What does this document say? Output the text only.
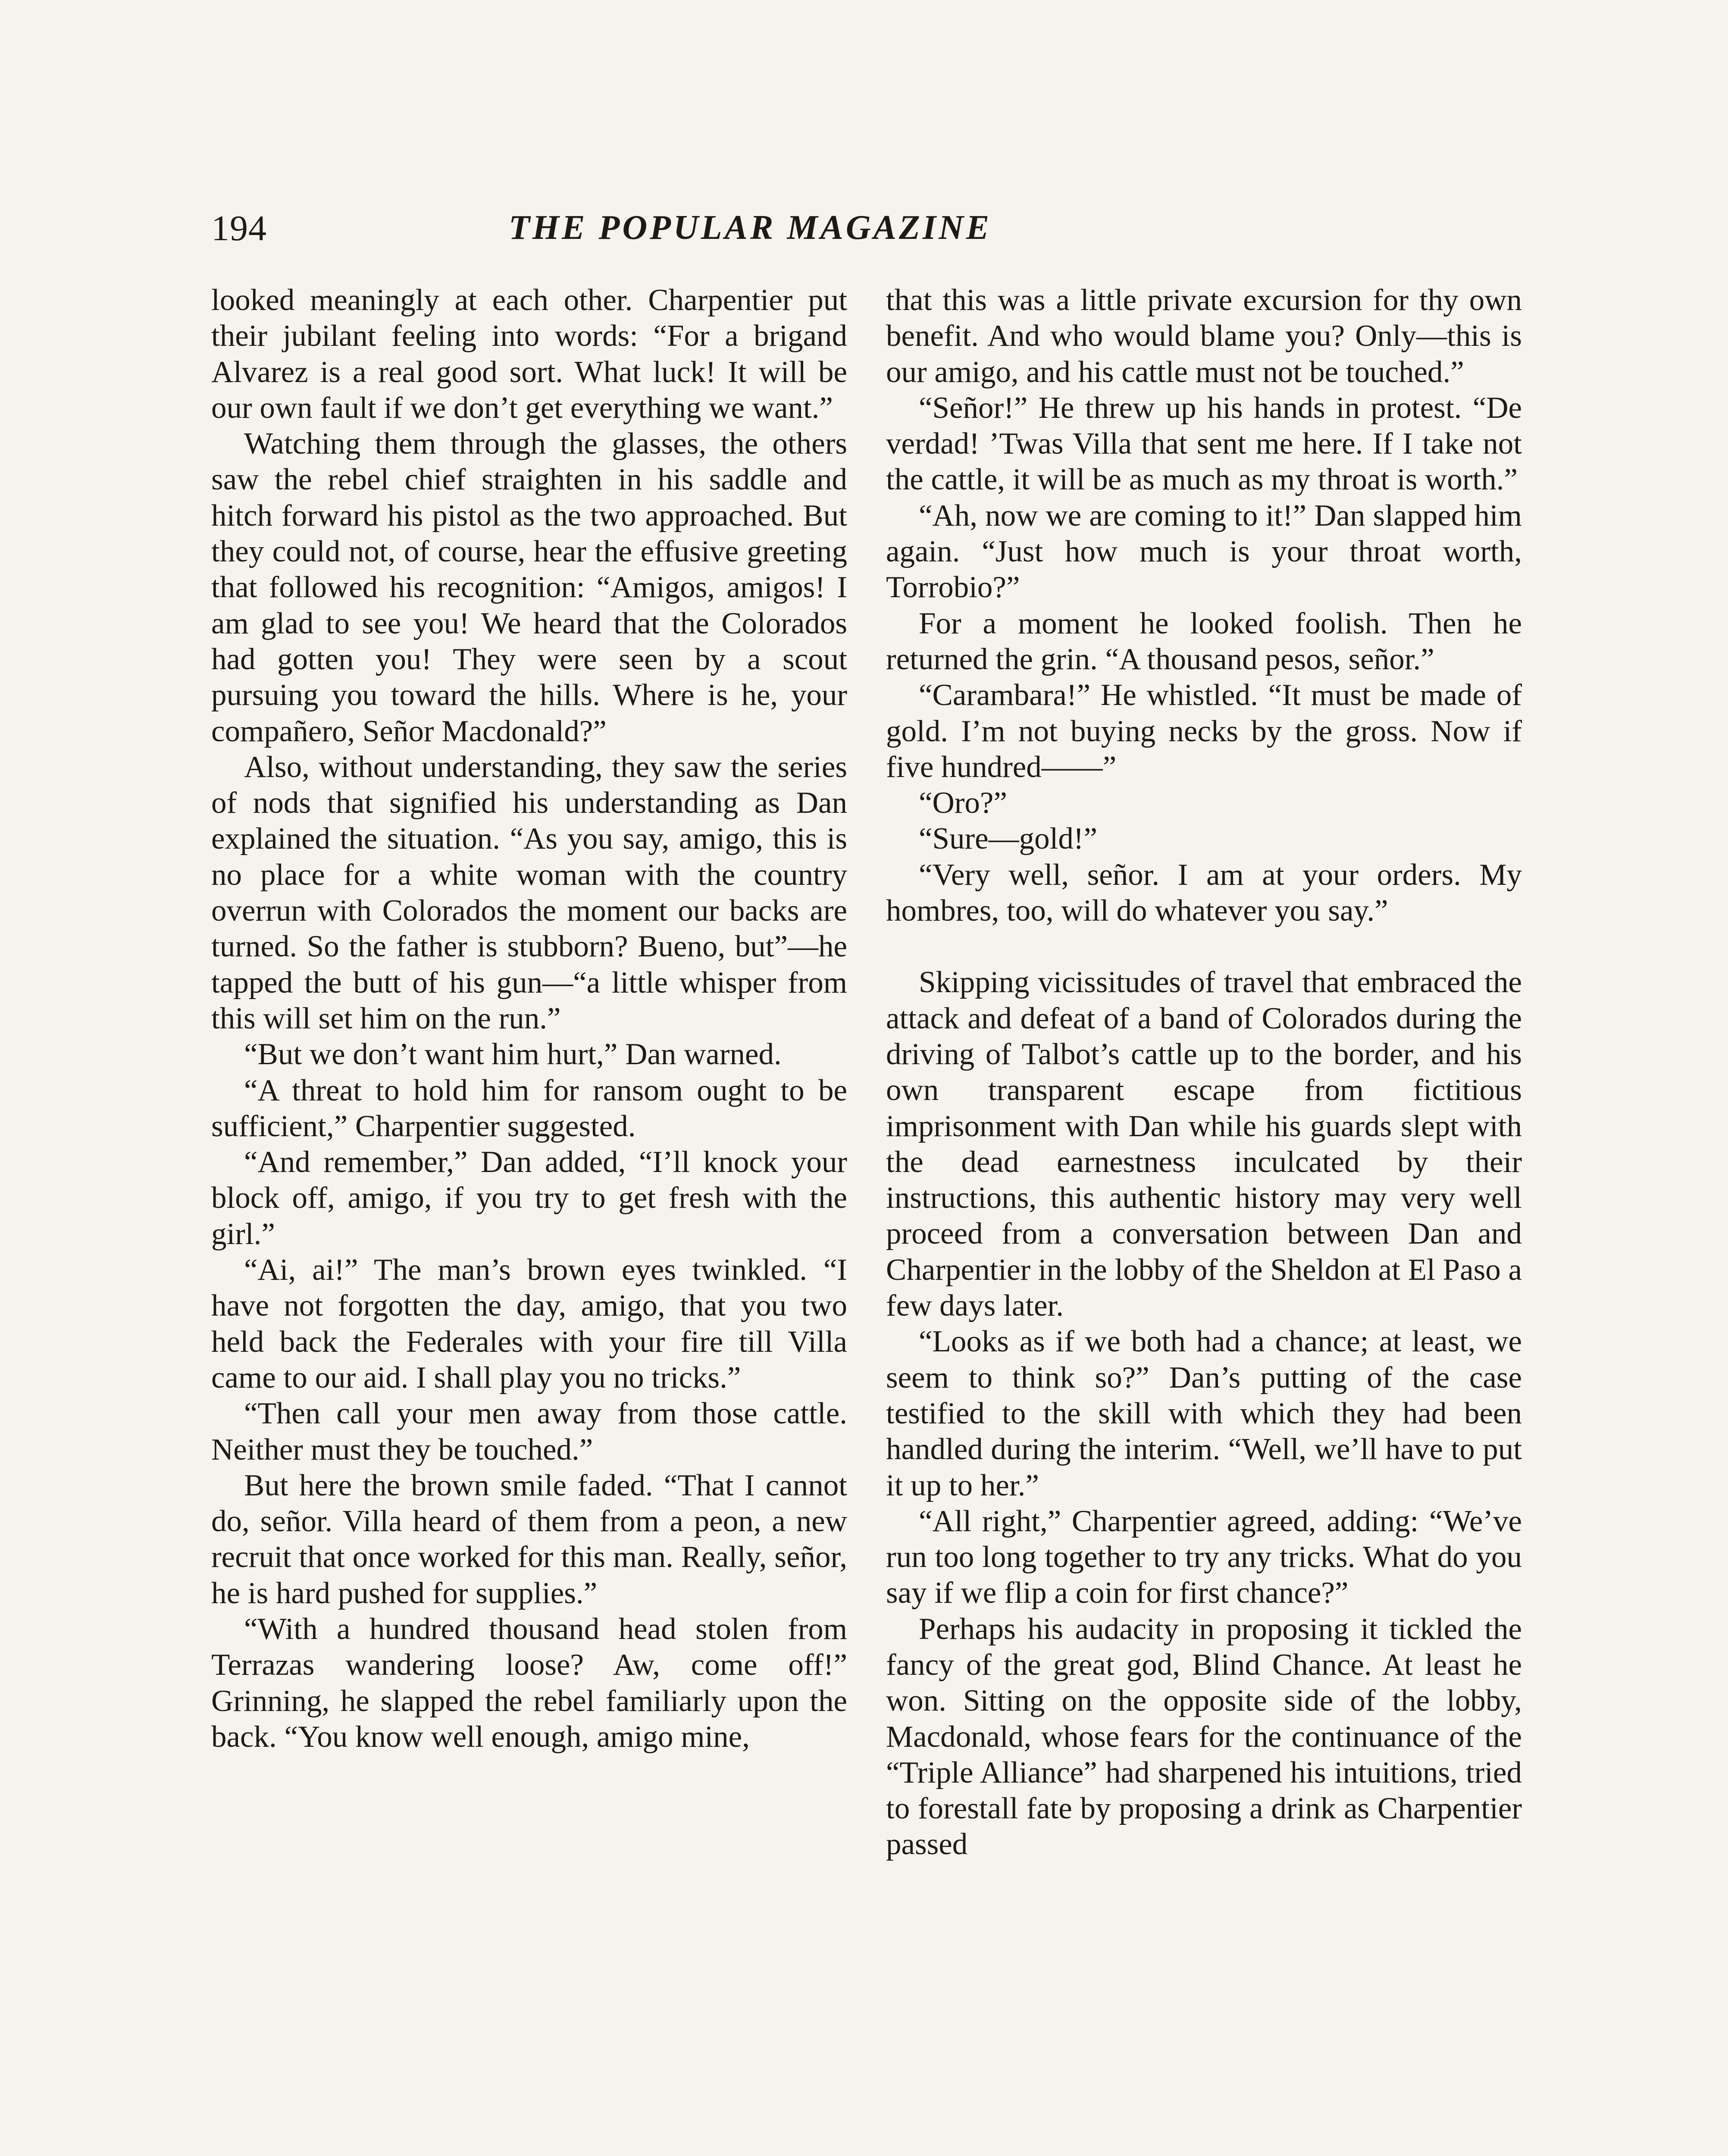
194	THE POPULAR MAGAZINE

looked meaningly at each other. Charpentier put their jubilant feeling into words: “For a brigand Alvarez is a real good sort. What luck! It will be our own fault if we don’t get everything we want.”

Watching them through the glasses, the others saw the rebel chief straighten in his saddle and hitch forward his pistol as the two approached. But they could not, of course, hear the effusive greeting that followed his recognition: “Amigos, amigos! I am glad to see you! We heard that the Colorados had gotten you! They were seen by a scout pursuing you toward the hills. Where is he, your compañero, Señor Macdonald?”

Also, without understanding, they saw the series of nods that signified his understanding as Dan explained the situation. “As you say, amigo, this is no place for a white woman with the country overrun with Colorados the moment our backs are turned. So the father is stubborn? Bueno, but”—he tapped the butt of his gun—“a little whisper from this will set him on the run.”

“But we don’t want him hurt,” Dan warned.

“A threat to hold him for ransom ought to be sufficient,” Charpentier suggested.

“And remember,” Dan added, “I’ll knock your block off, amigo, if you try to get fresh with the girl.”

“Ai, ai!” The man’s brown eyes twinkled. “I have not forgotten the day, amigo, that you two held back the Federales with your fire till Villa came to our aid. I shall play you no tricks.”

“Then call your men away from those cattle. Neither must they be touched.”

But here the brown smile faded. “That I cannot do, señor. Villa heard of them from a peon, a new recruit that once worked for this man. Really, señor, he is hard pushed for supplies.”

“With a hundred thousand head stolen from Terrazas wandering loose? Aw, come off!” Grinning, he slapped the rebel familiarly upon the back. “You know well enough, amigo mine,

that this was a little private excursion for thy own benefit. And who would blame you? Only—this is our amigo, and his cattle must not be touched.”

“Señor!” He threw up his hands in protest. “De verdad! ’Twas Villa that sent me here. If I take not the cattle, it will be as much as my throat is worth.”

“Ah, now we are coming to it!” Dan slapped him again. “Just how much is your throat worth, Torrobio?”

For a moment he looked foolish. Then he returned the grin. “A thousand pesos, señor.”

“Carambara!” He whistled. “It must be made of gold. I’m not buying necks by the gross. Now if five hundred——”

“Oro?”

“Sure—gold!”

“Very well, señor. I am at your orders. My hombres, too, will do whatever you say.”

Skipping vicissitudes of travel that embraced the attack and defeat of a band of Colorados during the driving of Talbot’s cattle up to the border, and his own transparent escape from fictitious imprisonment with Dan while his guards slept with the dead earnestness inculcated by their instructions, this authentic history may very well proceed from a conversation between Dan and Charpentier in the lobby of the Sheldon at El Paso a few days later.

“Looks as if we both had a chance; at least, we seem to think so?” Dan’s putting of the case testified to the skill with which they had been handled during the interim. “Well, we’ll have to put it up to her.”

“All right,” Charpentier agreed, adding: “We’ve run too long together to try any tricks. What do you say if we flip a coin for first chance?”

Perhaps his audacity in proposing it tickled the fancy of the great god, Blind Chance. At least he won. Sitting on the opposite side of the lobby, Macdonald, whose fears for the continuance of the “Triple Alliance” had sharpened his intuitions, tried to forestall fate by proposing a drink as Charpentier passed
